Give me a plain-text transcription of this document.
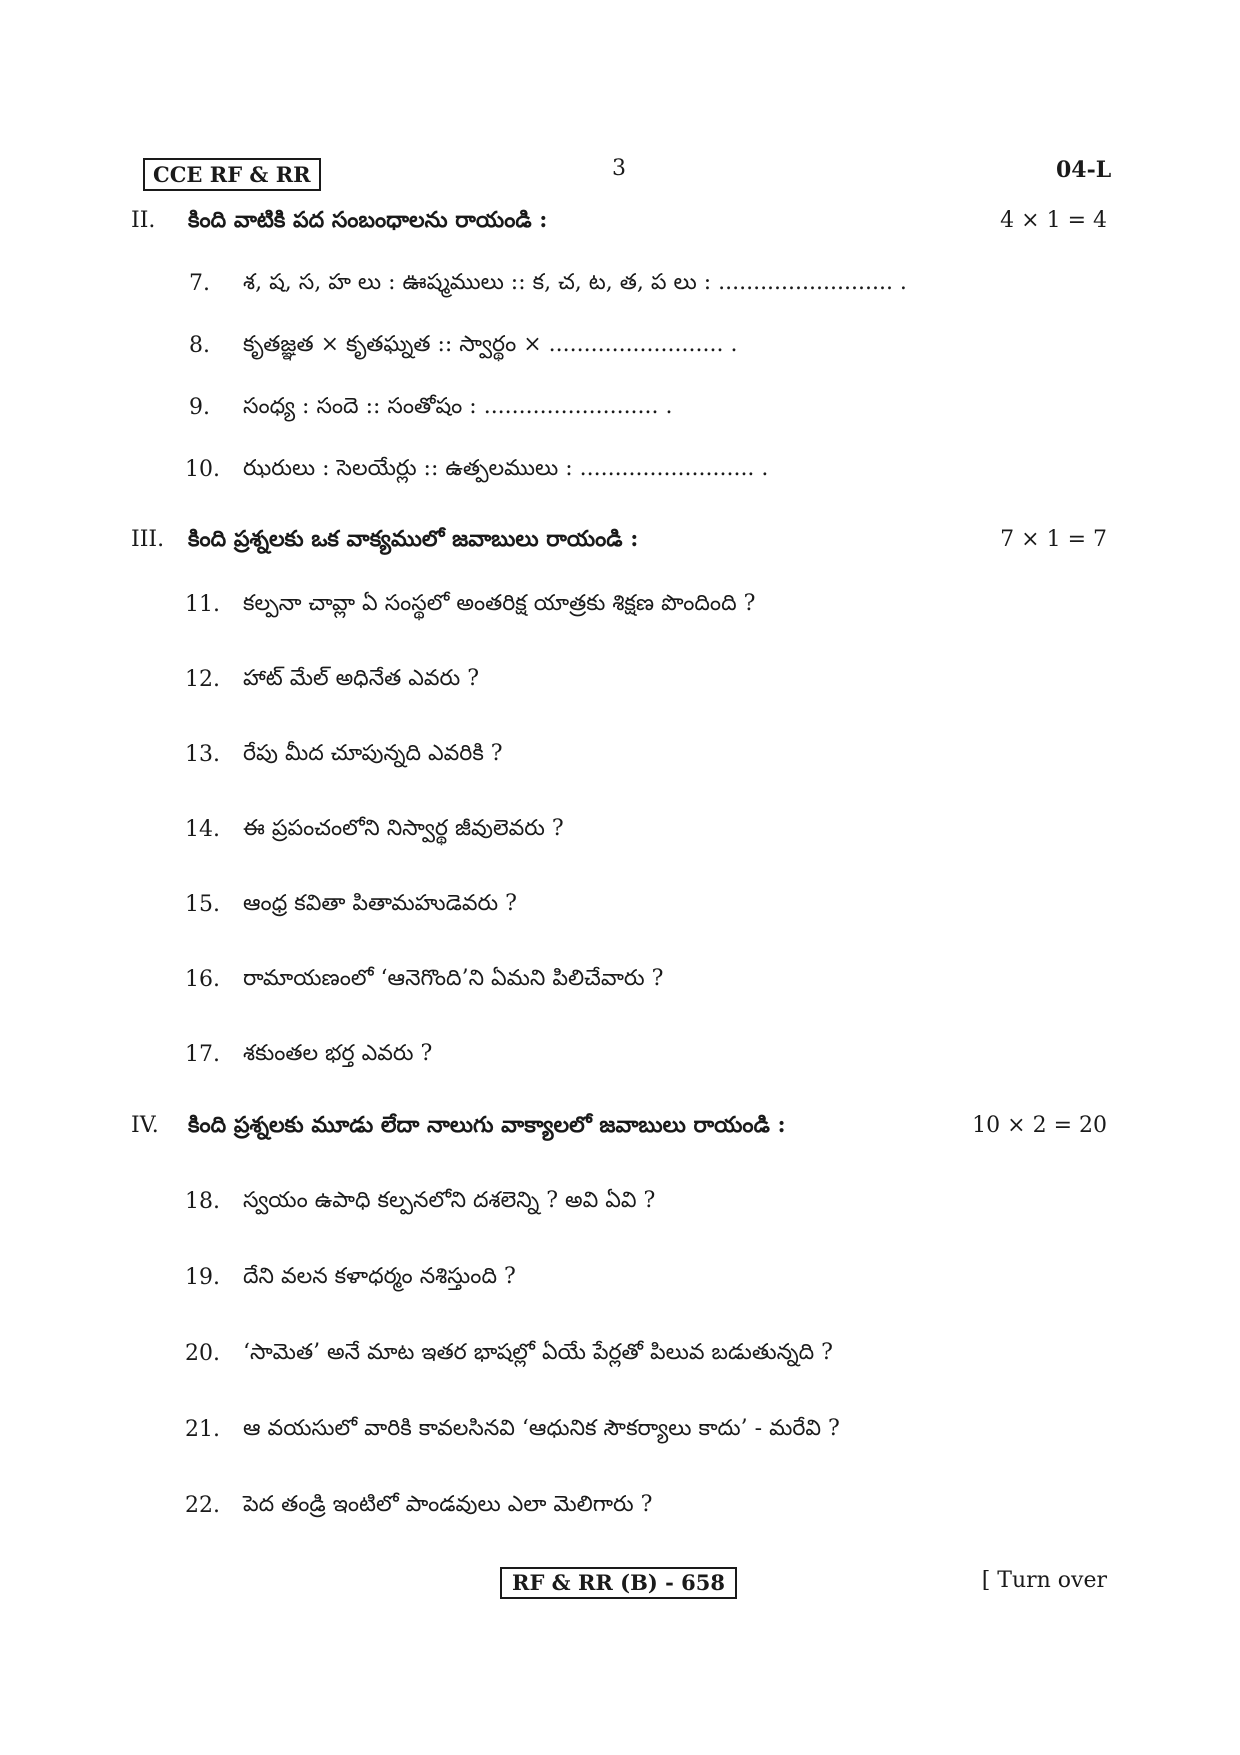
CCE RF & RR	3	04-L
II. కింది వాటికి పద సంబంధాలను రాయండి :	4 × 1 = 4
7. శ, ష, స, హ లు : ఊష్మములు :: క, చ, ట, త, ప లు : ......................... .
8. కృతజ్ఞత × కృతఘ్నత :: స్వార్థం × ......................... .
9. సంధ్య : సందె :: సంతోషం : ......................... .
10. ఝరులు : సెలయేర్లు :: ఉత్పలములు : ......................... .
III. కింది ప్రశ్నలకు ఒక వాక్యములో జవాబులు రాయండి :	7 × 1 = 7
11. కల్పనా చావ్లా ఏ సంస్థలో అంతరిక్ష యాత్రకు శిక్షణ పొందింది ?
12. హాట్ మేల్ అధినేత ఎవరు ?
13. రేపు మీద చూపున్నది ఎవరికి ?
14. ఈ ప్రపంచంలోని నిస్వార్థ జీవులెవరు ?
15. ఆంధ్ర కవితా పితామహుడెవరు ?
16. రామాయణంలో ‘ఆనెగొంది’ని ఏమని పిలిచేవారు ?
17. శకుంతల భర్త ఎవరు ?
IV. కింది ప్రశ్నలకు మూడు లేదా నాలుగు వాక్యాలలో జవాబులు రాయండి :	10 × 2 = 20
18. స్వయం ఉపాధి కల్పనలోని దశలెన్ని ? అవి ఏవి ?
19. దేని వలన కళాధర్మం నశిస్తుంది ?
20. ‘సామెత’ అనే మాట ఇతర భాషల్లో ఏయే పేర్లతో పిలువ బడుతున్నది ?
21. ఆ వయసులో వారికి కావలసినవి ‘ఆధునిక సౌకర్యాలు కాదు’ - మరేవి ?
22. పెద తండ్రి ఇంటిలో పాండవులు ఎలా మెలిగారు ?
RF & RR (B) - 658	[ Turn over
